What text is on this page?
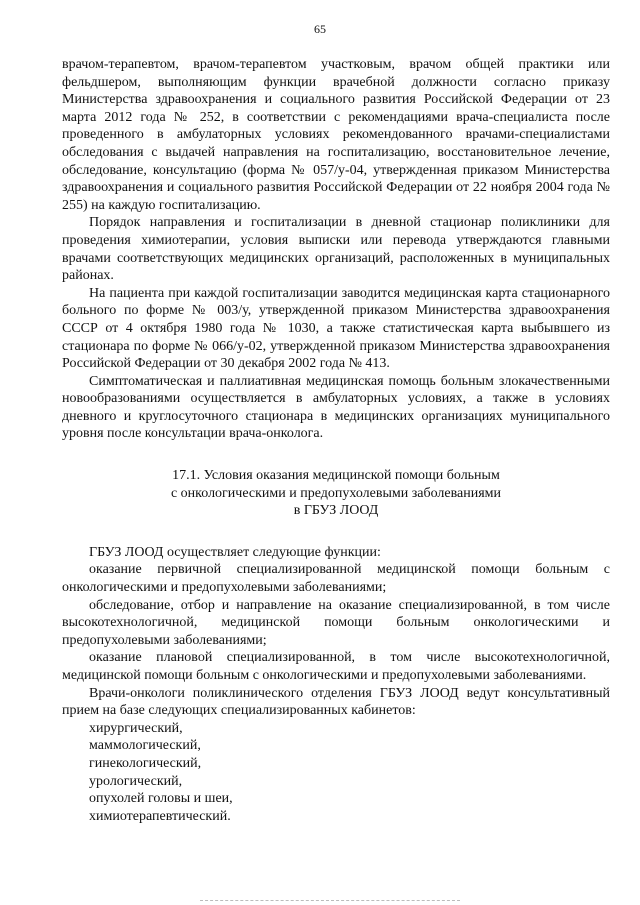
65

врачом-терапевтом, врачом-терапевтом участковым, врачом общей практики или фельдшером, выполняющим функции врачебной должности согласно приказу Министерства здравоохранения и социального развития Российской Федерации от 23 марта 2012 года № 252, в соответствии с рекомендациями врача-специалиста после проведенного в амбулаторных условиях рекомендованного врачами-специалистами обследования с выдачей направления на госпитализацию, восстановительное лечение, обследование, консультацию (форма № 057/у-04, утвержденная приказом Министерства здравоохранения и социального развития Российской Федерации от 22 ноября 2004 года № 255) на каждую госпитализацию.

Порядок направления и госпитализации в дневной стационар поликлиники для проведения химиотерапии, условия выписки или перевода утверждаются главными врачами соответствующих медицинских организаций, расположенных в муниципальных районах.

На пациента при каждой госпитализации заводится медицинская карта стационарного больного по форме № 003/у, утвержденной приказом Министерства здравоохранения СССР от 4 октября 1980 года № 1030, а также статистическая карта выбывшего из стационара по форме № 066/у-02, утвержденной приказом Министерства здравоохранения Российской Федерации от 30 декабря 2002 года № 413.

Симптоматическая и паллиативная медицинская помощь больным злокачественными новообразованиями осуществляется в амбулаторных условиях, а также в условиях дневного и круглосуточного стационара в медицинских организациях муниципального уровня после консультации врача-онколога.

17.1. Условия оказания медицинской помощи больным
с онкологическими и предопухолевыми заболеваниями
в ГБУЗ ЛООД

ГБУЗ ЛООД осуществляет следующие функции:

оказание первичной специализированной медицинской помощи больным с онкологическими и предопухолевыми заболеваниями;

обследование, отбор и направление на оказание специализированной, в том числе высокотехнологичной, медицинской помощи больным онкологическими и предопухолевыми заболеваниями;

оказание плановой специализированной, в том числе высокотехнологичной, медицинской помощи больным с онкологическими и предопухолевыми заболеваниями.

Врачи-онкологи поликлинического отделения ГБУЗ ЛООД ведут консультативный прием на базе следующих специализированных кабинетов:

хирургический,

маммологический,

гинекологический,

урологический,

опухолей головы и шеи,

химиотерапевтический.
